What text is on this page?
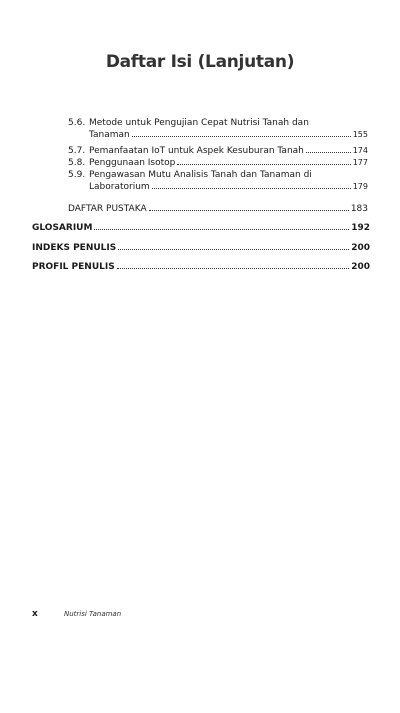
Daftar Isi (Lanjutan)
5.6. Metode untuk Pengujian Cepat Nutrisi Tanah dan
Tanaman	155
5.7. Pemanfaatan IoT untuk Aspek Kesuburan Tanah	174
5.8. Penggunaan Isotop	177
5.9. Pengawasan Mutu Analisis Tanah dan Tanaman di
Laboratorium	179
DAFTAR PUSTAKA	183
GLOSARIUM	192
INDEKS PENULIS	200
PROFIL PENULIS	200
x	Nutrisi Tanaman
